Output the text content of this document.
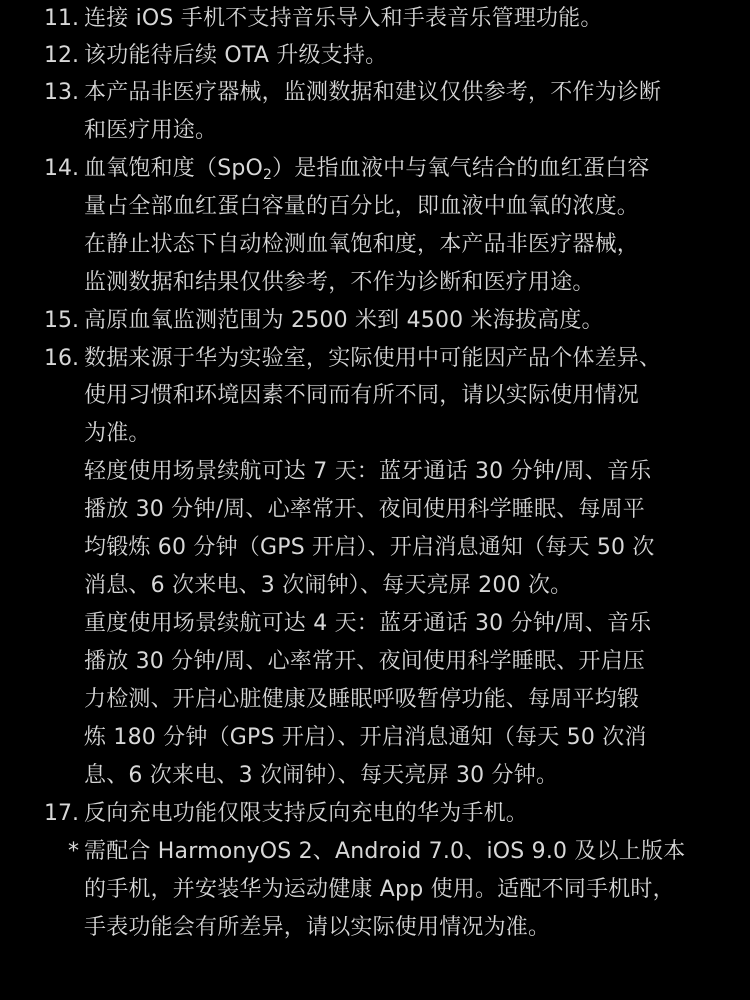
11. 连接 iOS 手机不支持音乐导入和手表音乐管理功能。
12. 该功能待后续 OTA 升级支持。
13. 本产品非医疗器械，监测数据和建议仅供参考，不作为诊断
和医疗用途。
14. 血氧饱和度（SpO$_2$）是指血液中与氧气结合的血红蛋白容
量占全部血红蛋白容量的百分比，即血液中血氧的浓度。
在静止状态下自动检测血氧饱和度，本产品非医疗器械，
监测数据和结果仅供参考，不作为诊断和医疗用途。
15. 高原血氧监测范围为 2500 米到 4500 米海拔高度。
16. 数据来源于华为实验室，实际使用中可能因产品个体差异、
使用习惯和环境因素不同而有所不同，请以实际使用情况
为准。
轻度使用场景续航可达 7 天：蓝牙通话 30 分钟/周、音乐
播放 30 分钟/周、心率常开、夜间使用科学睡眠、每周平
均锻炼 60 分钟（GPS 开启）、开启消息通知（每天 50 次
消息、6 次来电、3 次闹钟）、每天亮屏 200 次。
重度使用场景续航可达 4 天：蓝牙通话 30 分钟/周、音乐
播放 30 分钟/周、心率常开、夜间使用科学睡眠、开启压
力检测、开启心脏健康及睡眠呼吸暂停功能、每周平均锻
炼 180 分钟（GPS 开启）、开启消息通知（每天 50 次消
息、6 次来电、3 次闹钟）、每天亮屏 30 分钟。
17. 反向充电功能仅限支持反向充电的华为手机。
* 需配合 HarmonyOS 2、Android 7.0、iOS 9.0 及以上版本
的手机，并安装华为运动健康 App 使用。适配不同手机时，
手表功能会有所差异，请以实际使用情况为准。
